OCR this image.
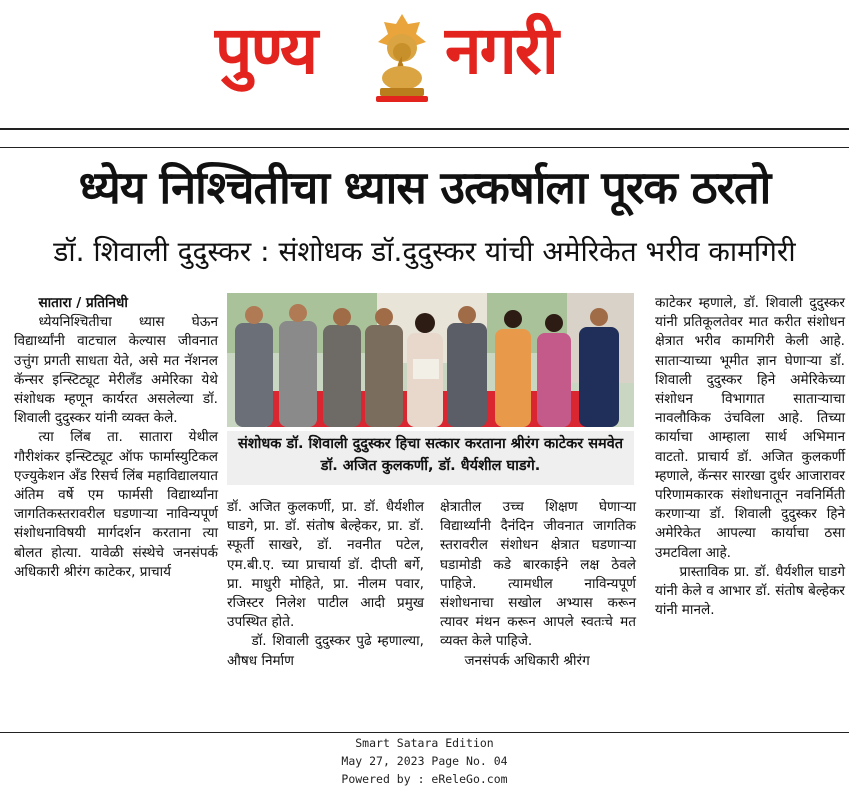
पुण्य नगरी
ध्येय निश्चितीचा ध्यास उत्कर्षाला पूरक ठरतो
डॉ. शिवाली दुदुस्कर : संशोधक डॉ.दुदुस्कर यांची अमेरिकेत भरीव कामगिरी

सातारा / प्रतिनिधी

ध्येयनिश्चितीचा ध्यास घेऊन विद्यार्थ्यांनी वाटचाल केल्यास जीवनात उत्तुंग प्रगती साधता येते, असे मत नॅशनल कॅन्सर इन्स्टिट्यूट मेरीलँड अमेरिका येथे संशोधक म्हणून कार्यरत असलेल्या डॉ. शिवाली दुदुस्कर यांनी व्यक्त केले.

त्या लिंब ता. सातारा येथील गौरीशंकर इन्स्टिट्यूट ऑफ फार्मास्युटिकल एज्युकेशन अँड रिसर्च लिंब महाविद्यालयात अंतिम वर्षे एम फार्मसी विद्यार्थ्यांना जागतिकस्तरावरील घडणाऱ्या नाविन्यपूर्ण संशोधनाविषयी मार्गदर्शन करताना त्या बोलत होत्या. यावेळी संस्थेचे जनसंपर्क अधिकारी श्रीरंग काटेकर, प्राचार्य

संशोधक डॉ. शिवाली दुदुस्कर हिचा सत्कार करताना श्रीरंग काटेकर समवेत डॉ. अजित कुलकर्णी, डॉ. धैर्यशील घाडगे.

डॉ. अजित कुलकर्णी, प्रा. डॉ. धैर्यशील घाडगे, प्रा. डॉ. संतोष बेल्हेकर, प्रा. डॉ. स्फूर्ती साखरे, डॉ. नवनीत पटेल, एम.बी.ए. च्या प्राचार्या डॉ. दीप्ती बर्गे, प्रा. माधुरी मोहिते, प्रा. नीलम पवार, रजिस्टर निलेश पाटील आदी प्रमुख उपस्थित होते.

डॉ. शिवाली दुदुस्कर पुढे म्हणाल्या, औषध निर्माण

क्षेत्रातील उच्च शिक्षण घेणाऱ्या विद्यार्थ्यांनी दैनंदिन जीवनात जागतिक स्तरावरील संशोधन क्षेत्रात घडणाऱ्या घडामोडी कडे बारकाईने लक्ष ठेवले पाहिजे. त्यामधील नाविन्यपूर्ण संशोधनाचा सखोल अभ्यास करून त्यावर मंथन करून आपले स्वतःचे मत व्यक्त केले पाहिजे.

जनसंपर्क अधिकारी श्रीरंग

काटेकर म्हणाले, डॉ. शिवाली दुदुस्कर यांनी प्रतिकूलतेवर मात करीत संशोधन क्षेत्रात भरीव कामगिरी केली आहे. साताऱ्याच्या भूमीत ज्ञान घेणाऱ्या डॉ. शिवाली दुदुस्कर हिने अमेरिकेच्या संशोधन विभागात साताऱ्याचा नावलौकिक उंचविला आहे. तिच्या कार्याचा आम्हाला सार्थ अभिमान वाटतो. प्राचार्य डॉ. अजित कुलकर्णी म्हणाले, कॅन्सर सारखा दुर्धर आजारावर परिणामकारक संशोधनातून नवनिर्मिती करणाऱ्या डॉ. शिवाली दुदुस्कर हिने अमेरिकेत आपल्या कार्याचा ठसा उमटविला आहे.

प्रास्ताविक प्रा. डॉ. धैर्यशील घाडगे यांनी केले व आभार डॉ. संतोष बेल्हेकर यांनी मानले.

Smart Satara Edition
May 27, 2023 Page No. 04
Powered by : eReleGo.com
